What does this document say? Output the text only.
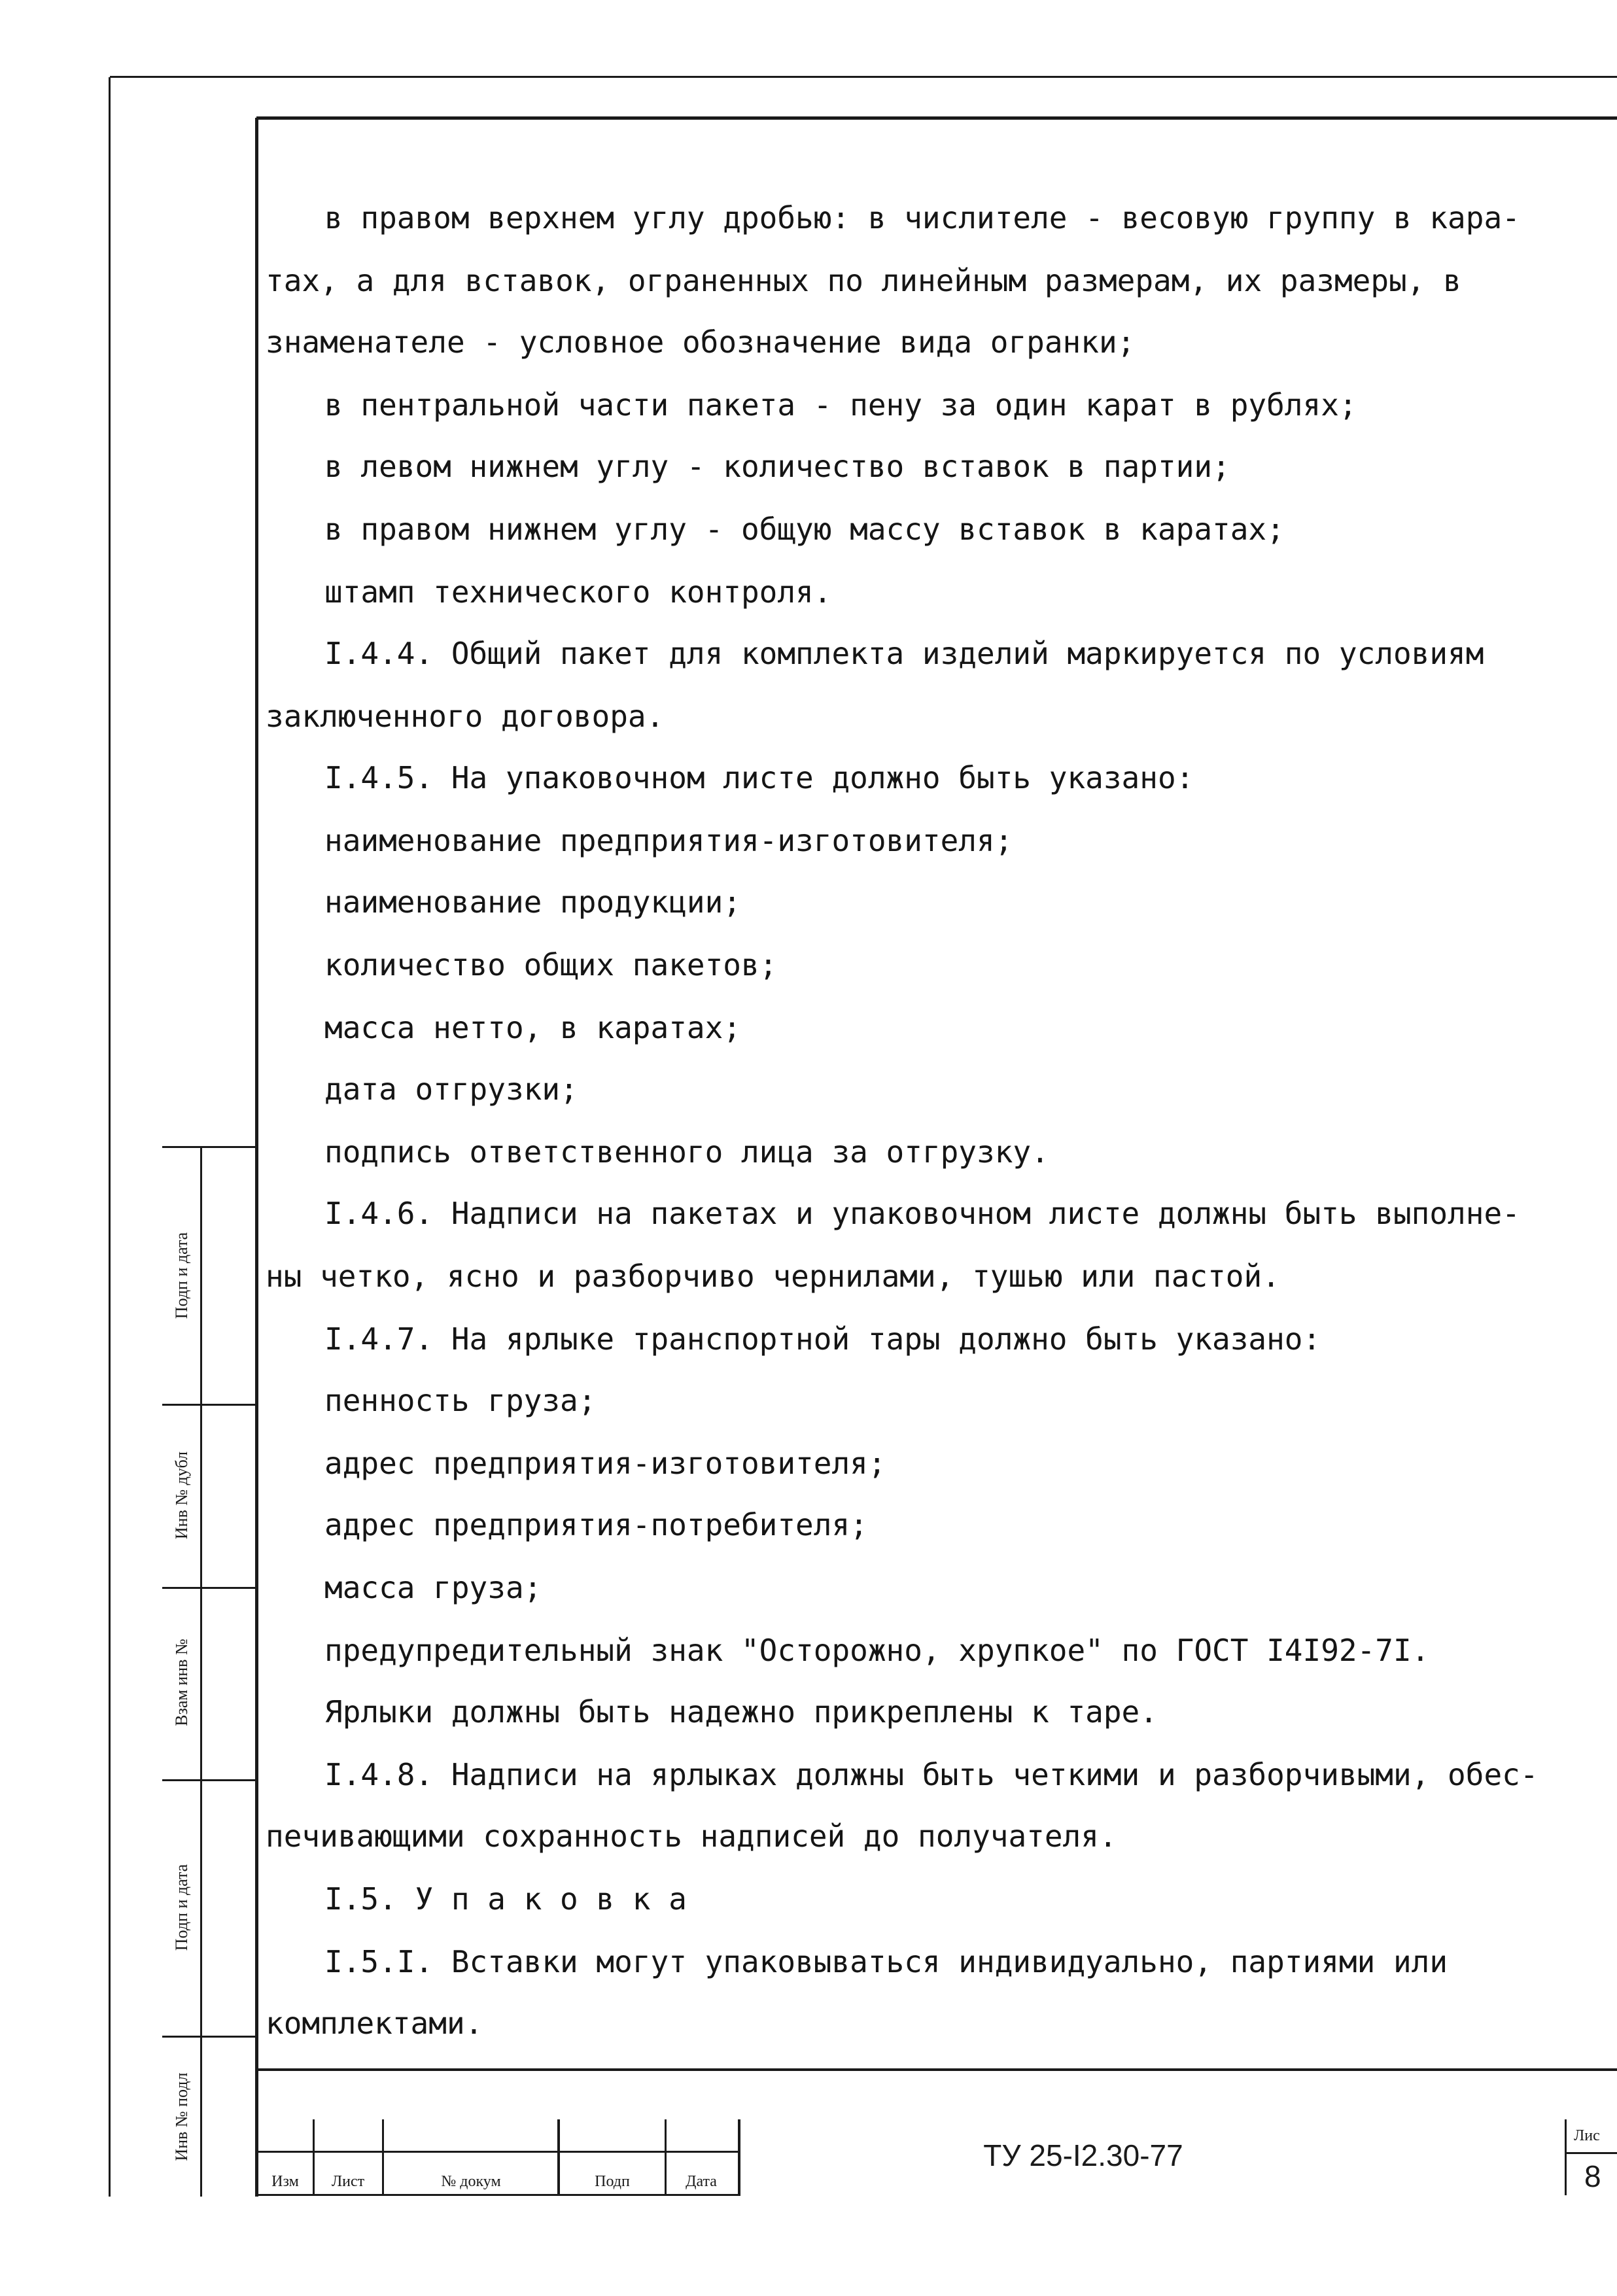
в правом верхнем углу дробью: в числителе - весовую группу в кара-
тах, а для вставок, ограненных по линейным размерам, их размеры, в
знаменателе - условное обозначение вида огранки;
в пентральной части пакета - пену за один карат в рублях;
в левом нижнем углу - количество вставок в партии;
в правом нижнем углу - общую массу вставок в каратах;
штамп технического контроля.
I.4.4. Общий пакет для комплекта изделий маркируется по условиям
заключенного договора.
I.4.5. На упаковочном листе должно быть указано:
наименование предприятия-изготовителя;
наименование продукции;
количество общих пакетов;
масса нетто, в каратах;
дата отгрузки;
подпись ответственного лица за отгрузку.
I.4.6. Надписи на пакетах и упаковочном листе должны быть выполне-
ны четко, ясно и разборчиво чернилами, тушью или пастой.
I.4.7. На ярлыке транспортной тары должно быть указано:
пенность груза;
адрес предприятия-изготовителя;
адрес предприятия-потребителя;
масса груза;
предупредительный знак "Осторожно, хрупкое" по ГОСТ I4I92-7I.
Ярлыки должны быть надежно прикреплены к таре.
I.4.8. Надписи на ярлыках должны быть четкими и разборчивыми, обес-
печивающими сохранность надписей до получателя.
I.5. У п а к о в к а
I.5.I. Вставки могут упаковываться индивидуально, партиями или
комплектами.
Подп и дата
Инв № дубл
Взам инв №
Подп и дата
Инв № подл
Изм Лист	№ докум	Подп	Дата
ТУ 25-I2.30-77
Лис
8
